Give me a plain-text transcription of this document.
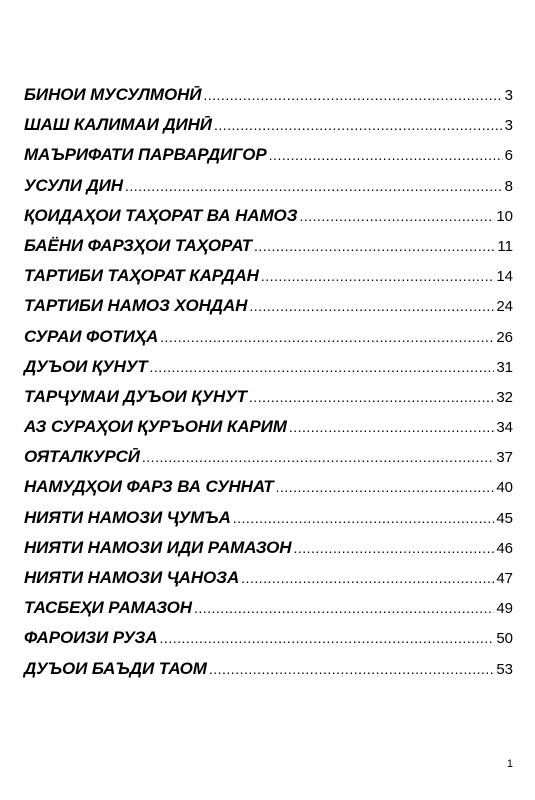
БИНОИ МУСУЛМОНӢ .....	3
ШАШ КАЛИМАИ ДИНӢ .....	3
МАЪРИФАТИ ПАРВАРДИГОР .....	6
УСУЛИ ДИН .....	8
ҚОИДАҲОИ ТАҲОРАТ ВА НАМОЗ .....	10
БАЁНИ ФАРЗҲОИ ТАҲОРАТ .....	11
ТАРТИБИ ТАҲОРАТ КАРДАН .....	14
ТАРТИБИ НАМОЗ ХОНДАН .....	24
СУРАИ ФОТИҲА .....	26
ДУЪОИ ҚУНУТ .....	31
ТАРҶУМАИ ДУЪОИ ҚУНУТ .....	32
АЗ СУРАҲОИ ҚУРЪОНИ КАРИМ .....	34
ОЯТАЛКУРСӢ .....	37
НАМУДҲОИ ФАРЗ ВА СУННАТ .....	40
НИЯТИ НАМОЗИ ҶУМЪА .....	45
НИЯТИ НАМОЗИ ИДИ РАМАЗОН .....	46
НИЯТИ НАМОЗИ ҶАНОЗА .....	47
ТАСБЕҲИ РАМАЗОН .....	49
ФАРОИЗИ РУЗА .....	50
ДУЪОИ БАЪДИ ТАОМ .....	53
1
